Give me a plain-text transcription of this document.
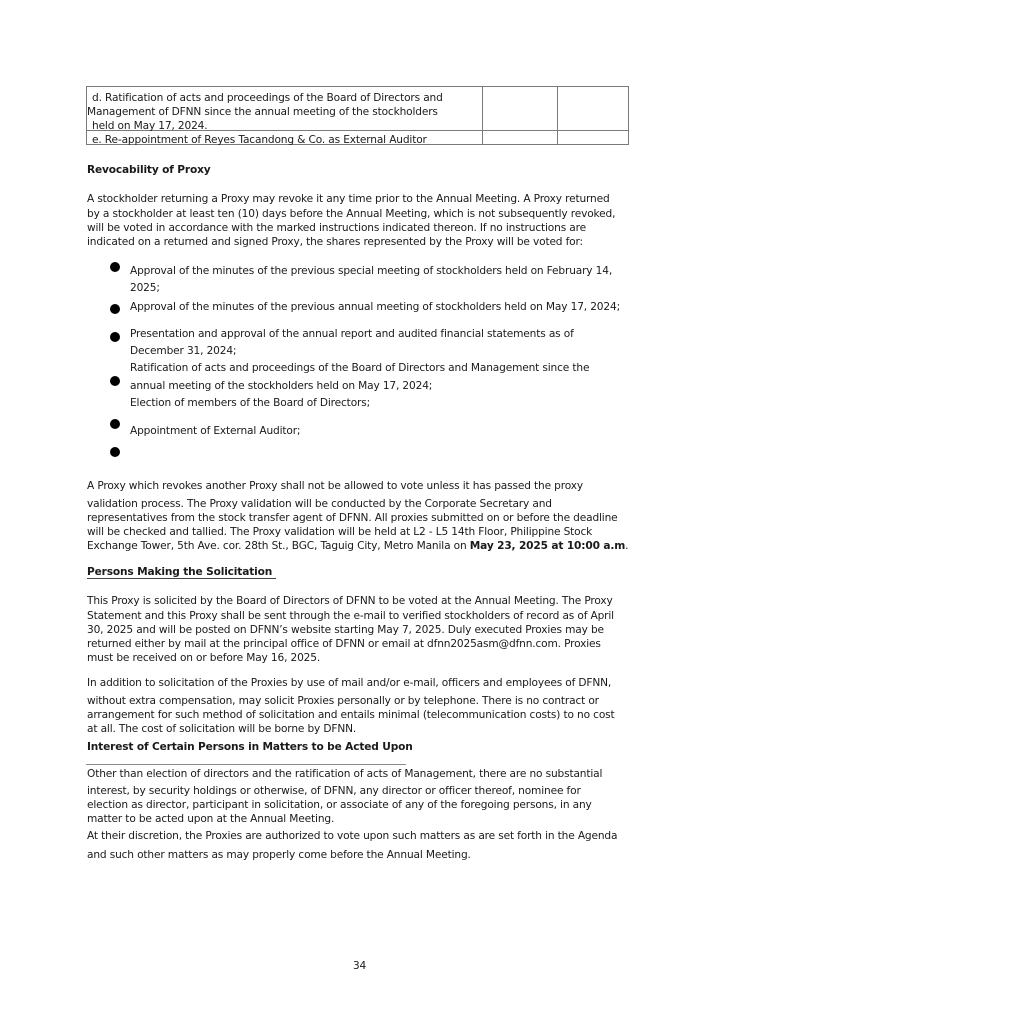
d. Ratification of acts and proceedings of the Board of Directors and
Management of DFNN since the annual meeting of the stockholders
held on May 17, 2024.
e. Re-appointment of Reyes Tacandong & Co. as External Auditor
Revocability of Proxy
A stockholder returning a Proxy may revoke it any time prior to the Annual Meeting. A Proxy returned
by a stockholder at least ten (10) days before the Annual Meeting, which is not subsequently revoked,
will be voted in accordance with the marked instructions indicated thereon. If no instructions are
indicated on a returned and signed Proxy, the shares represented by the Proxy will be voted for:
Approval of the minutes of the previous special meeting of stockholders held on February 14,
2025;
Approval of the minutes of the previous annual meeting of stockholders held on May 17, 2024;
Presentation and approval of the annual report and audited financial statements as of
December 31, 2024;
Ratification of acts and proceedings of the Board of Directors and Management since the
annual meeting of the stockholders held on May 17, 2024;
Election of members of the Board of Directors;
Appointment of External Auditor;
A Proxy which revokes another Proxy shall not be allowed to vote unless it has passed the proxy
validation process. The Proxy validation will be conducted by the Corporate Secretary and
representatives from the stock transfer agent of DFNN. All proxies submitted on or before the deadline
will be checked and tallied. The Proxy validation will be held at L2 - L5 14th Floor, Philippine Stock
Exchange Tower, 5th Ave. cor. 28th St., BGC, Taguig City, Metro Manila on May 23, 2025 at 10:00 a.m.
Persons Making the Solicitation
This Proxy is solicited by the Board of Directors of DFNN to be voted at the Annual Meeting. The Proxy
Statement and this Proxy shall be sent through the e-mail to verified stockholders of record as of April
30, 2025 and will be posted on DFNN’s website starting May 7, 2025. Duly executed Proxies may be
returned either by mail at the principal office of DFNN or email at dfnn2025asm@dfnn.com. Proxies
must be received on or before May 16, 2025.
In addition to solicitation of the Proxies by use of mail and/or e-mail, officers and employees of DFNN,
without extra compensation, may solicit Proxies personally or by telephone. There is no contract or
arrangement for such method of solicitation and entails minimal (telecommunication costs) to no cost
at all. The cost of solicitation will be borne by DFNN.
Interest of Certain Persons in Matters to be Acted Upon
Other than election of directors and the ratification of acts of Management, there are no substantial
interest, by security holdings or otherwise, of DFNN, any director or officer thereof, nominee for
election as director, participant in solicitation, or associate of any of the foregoing persons, in any
matter to be acted upon at the Annual Meeting.
At their discretion, the Proxies are authorized to vote upon such matters as are set forth in the Agenda
and such other matters as may properly come before the Annual Meeting.
34
